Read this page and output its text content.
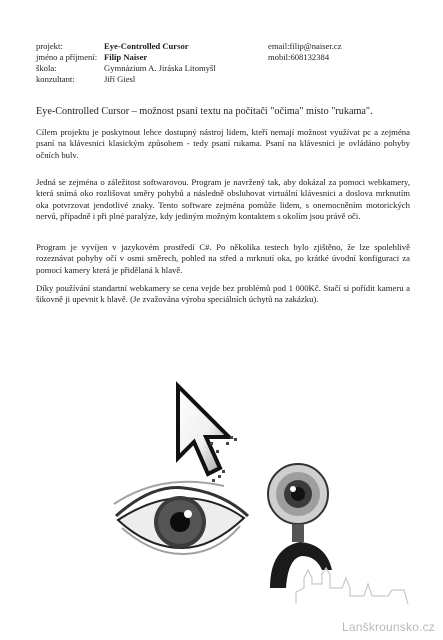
projekt:
jméno a příjmení:
škola:
konzultant:
Eye-Controlled Cursor
Filip Naiser
Gymnázium A. Jiráska Litomyšl
Jiří Giesl
email:filip@naiser.cz
mobil:608132384
Eye-Controlled Cursor – možnost psaní textu na počítači "očima" místo "rukama".

Cílem projektu je poskytnout lehce dostupný nástroj lidem, kteří nemají možnost využívat pc a zejména psaní na klávesnici klasickým způsobem - tedy psaní rukama. Psaní na klávesnici je ovládáno pohyby očních bulv.

Jedná se zejména o záležitost softwarovou. Program je navržený tak, aby dokázal za pomoci webkamery, která snímá oko rozlišovat směry pohybů a následně obsluhovat virtuální klávesnici a doslova mrknutím oka potvrzovat jendotlivé znaky. Tento software zejména pomůže lidem, s onemocněním motorických nervů, případně i při plné paralýze, kdy jediným možným kontaktem s okolím jsou právě oči.

Program je vyvíjen v jazykovém prostředí C#. Po několika testech bylo zjištěno, že lze spolehlivě rozeznávat pohyby očí v osmi směrech, pohled na střed a mrknutí oka, po krátké úvodní konfiguraci za pomocí kamery která je přidělaná k hlavě.

Díky používání standartní webkamery se cena vejde bez problémů pod 1 000Kč. Stačí si pořídit kameru a šikovně ji upevnit k hlavě. (Je zvažována výroba speciálních úchytů na zakázku).

Lanškrounsko.cz
